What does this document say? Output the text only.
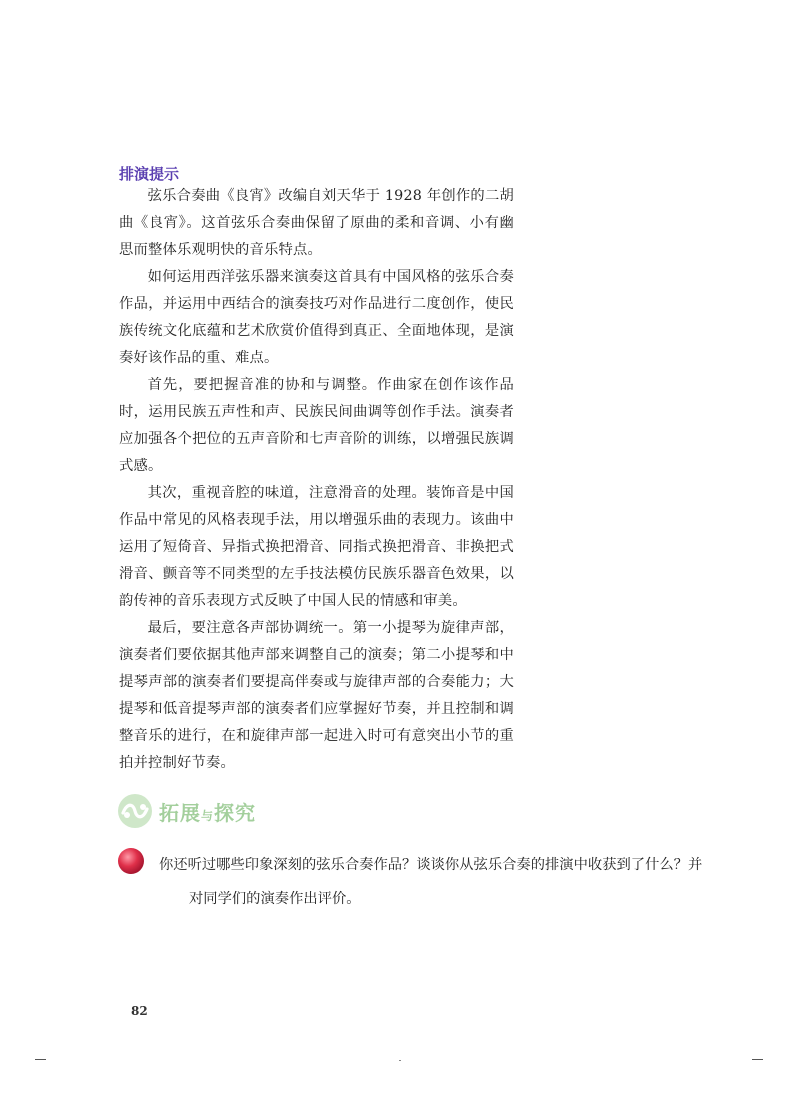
排演提示

弦乐合奏曲《良宵》改编自刘天华于 1928 年创作的二胡曲《良宵》。这首弦乐合奏曲保留了原曲的柔和音调、小有幽思而整体乐观明快的音乐特点。

如何运用西洋弦乐器来演奏这首具有中国风格的弦乐合奏作品，并运用中西结合的演奏技巧对作品进行二度创作，使民族传统文化底蕴和艺术欣赏价值得到真正、全面地体现，是演奏好该作品的重、难点。

首先，要把握音准的协和与调整。作曲家在创作该作品时，运用民族五声性和声、民族民间曲调等创作手法。演奏者应加强各个把位的五声音阶和七声音阶的训练，以增强民族调式感。

其次，重视音腔的味道，注意滑音的处理。装饰音是中国作品中常见的风格表现手法，用以增强乐曲的表现力。该曲中运用了短倚音、异指式换把滑音、同指式换把滑音、非换把式滑音、颤音等不同类型的左手技法模仿民族乐器音色效果，以韵传神的音乐表现方式反映了中国人民的情感和审美。

最后，要注意各声部协调统一。第一小提琴为旋律声部，演奏者们要依据其他声部来调整自己的演奏；第二小提琴和中提琴声部的演奏者们要提高伴奏或与旋律声部的合奏能力；大提琴和低音提琴声部的演奏者们应掌握好节奏，并且控制和调整音乐的进行，在和旋律声部一起进入时可有意突出小节的重拍并控制好节奏。

拓展与探究

你还听过哪些印象深刻的弦乐合奏作品？谈谈你从弦乐合奏的排演中收获到了什么？并对同学们的演奏作出评价。

82
